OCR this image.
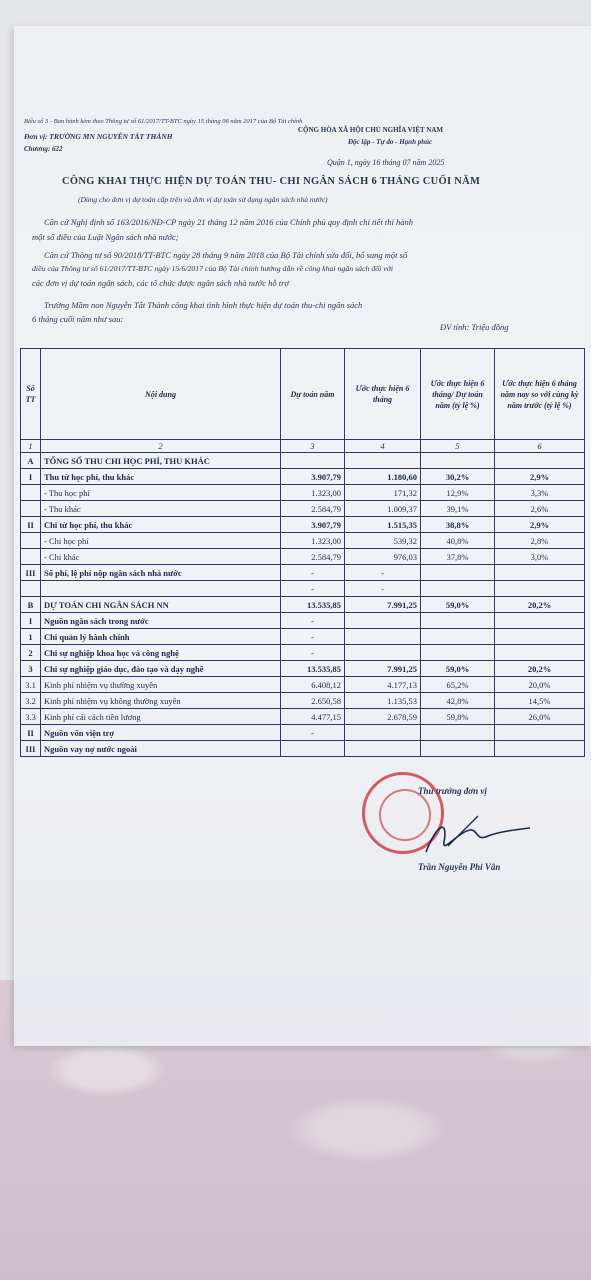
Biểu số 3 - Ban hành kèm theo Thông tư số 61/2017/TT-BTC ngày 15 tháng 06 năm 2017 của Bộ Tài chính
Đơn vị: TRƯỜNG MN NGUYỄN TẤT THÀNH
Chương: 622
CỘNG HÒA XÃ HỘI CHỦ NGHĨA VIỆT NAM
Độc lập - Tự do - Hạnh phúc
Quận 1, ngày 16 tháng 07 năm 2025
CÔNG KHAI THỰC HIỆN DỰ TOÁN THU- CHI NGÂN SÁCH 6 THÁNG CUỐI NĂM
(Dùng cho đơn vị dự toán cấp trên và đơn vị dự toán sử dụng ngân sách nhà nước)
Căn cứ Nghị định số 163/2016/NĐ-CP ngày 21 tháng 12 năm 2016 của Chính phủ quy định chi tiết thi hành
một số điều của Luật Ngân sách nhà nước;
Căn cứ Thông tư số 90/2018/TT-BTC ngày 28 tháng 9 năm 2018 của Bộ Tài chính sửa đổi, bổ sung một số
điều của Thông tư số 61/2017/TT-BTC ngày 15/6/2017 của Bộ Tài chính hướng dẫn về công khai ngân sách đối với
các đơn vị dự toán ngân sách, các tổ chức được ngân sách nhà nước hỗ trợ
Trường Mầm non Nguyễn Tất Thành công khai tình hình thực hiện dự toán thu-chi ngân sách
6 tháng cuối năm như sau:
ĐV tính: Triệu đồng
Số TT	Nội dung	Dự toán năm	Ước thực hiện 6 tháng	Ước thực hiện 6 tháng/ Dự toán năm (tỷ lệ %)	Ước thực hiện 6 tháng năm nay so với cùng kỳ năm trước (tỷ lệ %)
1	2	3	4	5	6
A	TỔNG SỐ THU CHI HỌC PHÍ, THU KHÁC				
I	Thu từ học phí, thu khác	3.907,79	1.180,60	30,2%	2,9%
	- Thu học phí	1.323,00	171,32	12,9%	3,3%
	- Thu khác	2.584,79	1.009,37	39,1%	2,6%
II	Chi từ học phí, thu khác	3.907,79	1.515,35	38,8%	2,9%
	- Chi học phí	1.323,00	539,32	40,8%	2,8%
	- Chi khác	2.584,79	976,03	37,8%	3,0%
III	Số phí, lệ phí nộp ngân sách nhà nước	-	-		
		-	-		
B	DỰ TOÁN CHI NGÂN SÁCH NN	13.535,85	7.991,25	59,0%	20,2%
I	Nguồn ngân sách trong nước	-			
1	Chi quản lý hành chính	-			
2	Chi sự nghiệp khoa học và công nghệ	-			
3	Chi sự nghiệp giáo dục, đào tạo và dạy nghề	13.535,85	7.991,25	59,0%	20,2%
3.1	Kinh phí nhiệm vụ thường xuyên	6.408,12	4.177,13	65,2%	20,0%
3.2	Kinh phí nhiệm vụ không thường xuyên	2.650,58	1.135,53	42,8%	14,5%
3.3	Kinh phí cải cách tiền lương	4.477,15	2.678,59	59,8%	26,0%
II	Nguồn vốn viện trợ	-			
III	Nguồn vay nợ nước ngoài				
Thủ trưởng đơn vị
Trần Nguyễn Phi Vân
